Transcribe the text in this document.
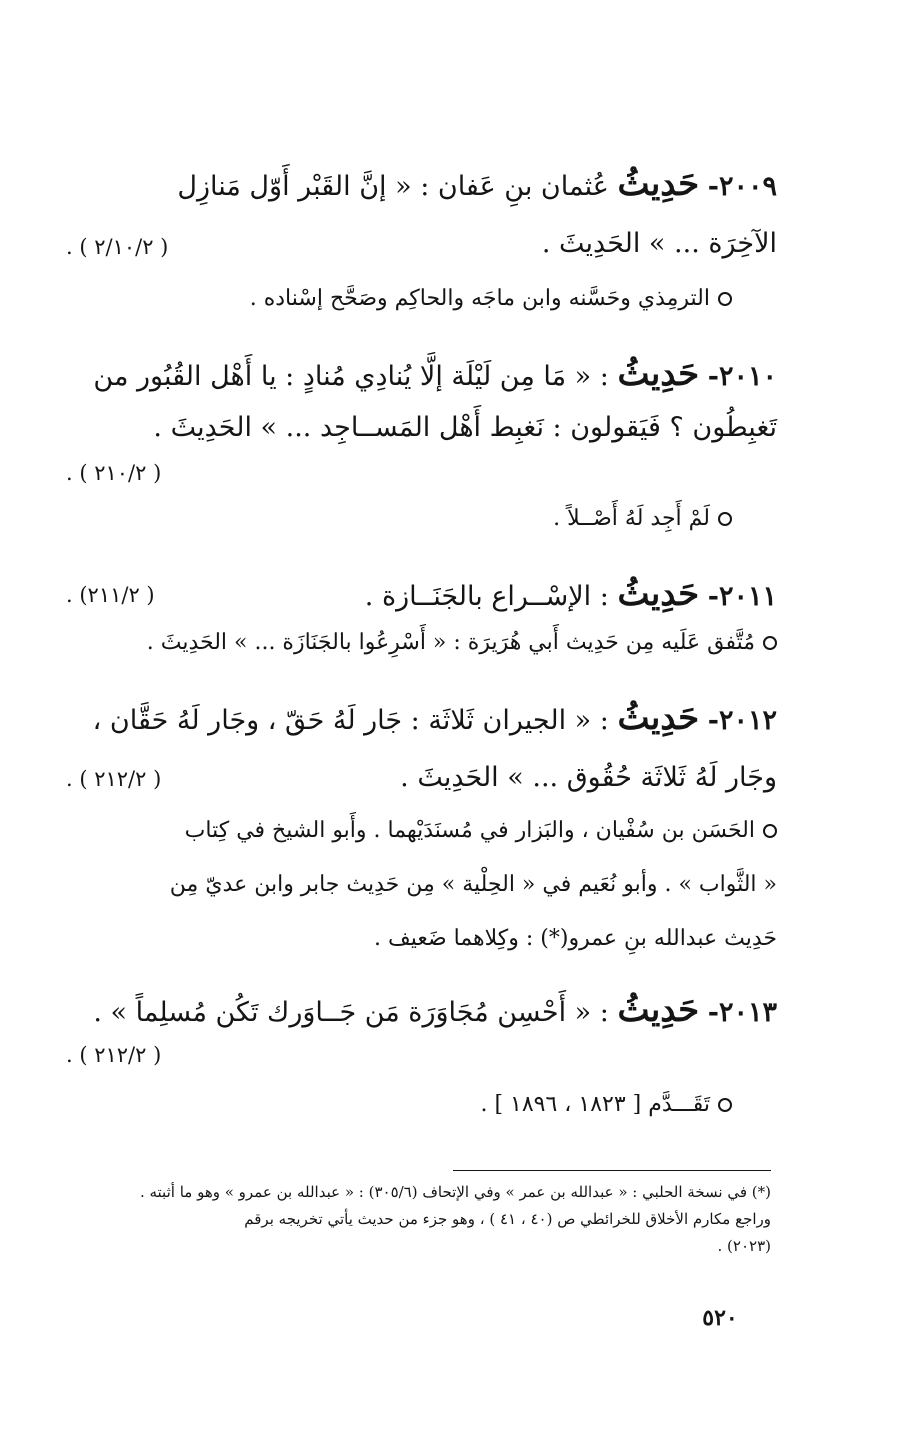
٢٠٠٩- حَدِيثُ عُثمان بنِ عَفان : « إنَّ القَبْر أَوّل مَنازِل
الآخِرَة ... » الحَدِيثَ .
( ٢/١٠/٢ ) .
الترمِذي وحَسَّنه وابن ماجَه والحاكِم وصَحَّح إسْناده .
٢٠١٠- حَدِيثُ : « مَا مِن لَيْلَة إلَّا يُنادِي مُنادٍ : يا أَهْل القُبُور من
تَغبِطُون ؟ فَيَقولون : نَغبِط أَهْل المَســاجِد ... » الحَدِيثَ .
( ٢١٠/٢ ) .
لَمْ أَجِد لَهُ أَصْــلاً .
٢٠١١- حَدِيثُ : الإسْــراع بالجَنَــازة .
( ٢١١/٢) .
مُتَّفق عَلَيه مِن حَدِيث أَبي هُرَيرَة : « أَسْرِعُوا بالجَنَازَة ... » الحَدِيثَ .
٢٠١٢- حَدِيثُ : « الجيران ثَلاثَة : جَار لَهُ حَقّ ، وجَار لَهُ حَقَّان ،
وجَار لَهُ ثَلاثَة حُقُوق ... » الحَدِيثَ .
( ٢١٢/٢ ) .
الحَسَن بن سُفْيان ، والبَزار في مُسنَدَيْهما . وأَبو الشيخ في كِتاب
« الثَّواب » . وأبو نُعَيم في « الحِلْية » مِن حَدِيث جابر وابن عديّ مِن
حَدِيث عبدالله بنِ عمرو(*) : وكِلاهما ضَعيف .
٢٠١٣- حَدِيثُ : « أَحْسِن مُجَاوَرَة مَن جَــاوَرك تَكُن مُسلِماً » .
( ٢١٢/٢ ) .
تَقَـــدَّم [ ١٨٢٣ ، ١٨٩٦ ] .
(*) في نسخة الحلبي : « عبدالله بن عمر » وفي الإتحاف (٣٠٥/٦) : « عبدالله بن عمرو » وهو ما أثبته .
وراجع مكارم الأخلاق للخرائطي ص (٤٠ ، ٤١ ) ، وهو جزء من حديث يأتي تخريجه برقم
(٢٠٢٣) .
٥٢٠
